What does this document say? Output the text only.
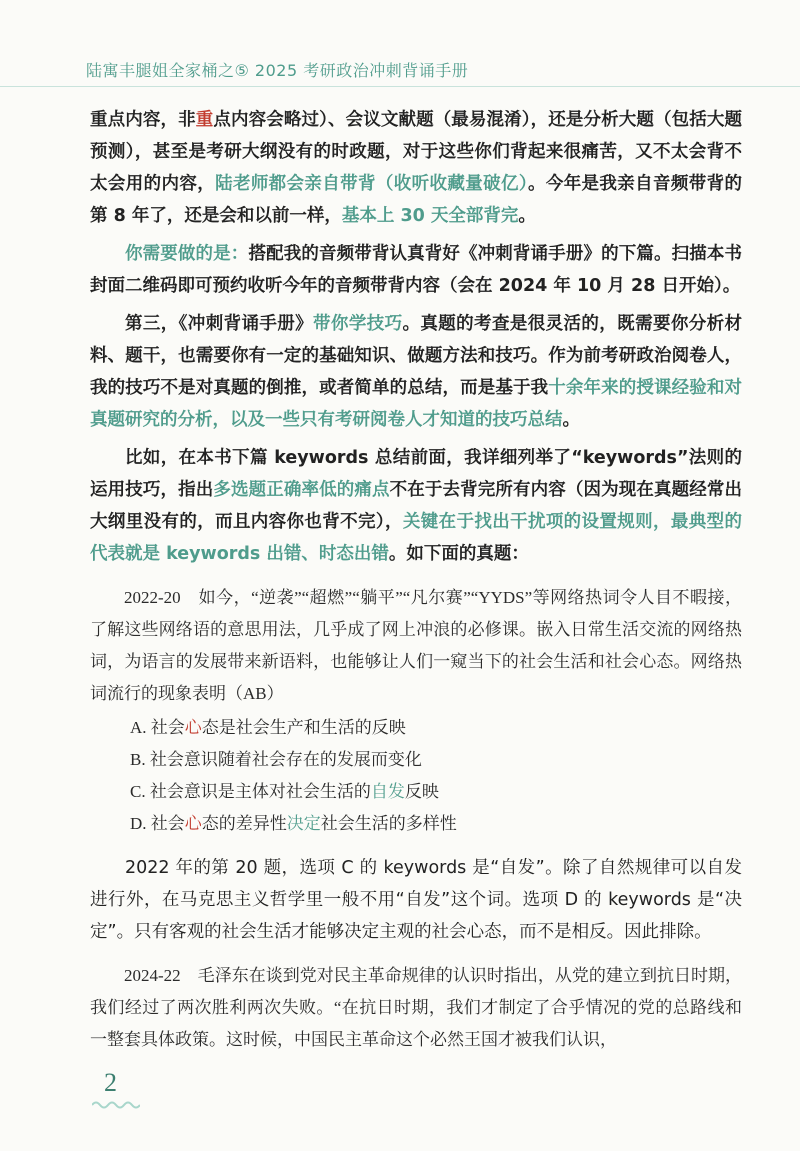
陆寓丰腿姐全家桶之⑤ 2025 考研政治冲刺背诵手册

重点内容，非重点内容会略过）、会议文献题（最易混淆），还是分析大题（包括大题预测），甚至是考研大纲没有的时政题，对于这些你们背起来很痛苦，又不太会背不太会用的内容，陆老师都会亲自带背（收听收藏量破亿）。今年是我亲自音频带背的第 8 年了，还是会和以前一样，基本上 30 天全部背完。

你需要做的是：搭配我的音频带背认真背好《冲刺背诵手册》的下篇。扫描本书封面二维码即可预约收听今年的音频带背内容（会在 2024 年 10 月 28 日开始）。

第三，《冲刺背诵手册》带你学技巧。真题的考查是很灵活的，既需要你分析材料、题干，也需要你有一定的基础知识、做题方法和技巧。作为前考研政治阅卷人，我的技巧不是对真题的倒推，或者简单的总结，而是基于我十余年来的授课经验和对真题研究的分析，以及一些只有考研阅卷人才知道的技巧总结。

比如，在本书下篇 keywords 总结前面，我详细列举了“keywords”法则的运用技巧，指出多选题正确率低的痛点不在于去背完所有内容（因为现在真题经常出大纲里没有的，而且内容你也背不完），关键在于找出干扰项的设置规则，最典型的代表就是 keywords 出错、时态出错。如下面的真题：

2022-20　如今，“逆袭”“超燃”“躺平”“凡尔赛”“YYDS”等网络热词令人目不暇接，了解这些网络语的意思用法，几乎成了网上冲浪的必修课。嵌入日常生活交流的网络热词，为语言的发展带来新语料，也能够让人们一窥当下的社会生活和社会心态。网络热词流行的现象表明（AB）
A. 社会心态是社会生产和生活的反映
B. 社会意识随着社会存在的发展而变化
C. 社会意识是主体对社会生活的自发反映
D. 社会心态的差异性决定社会生活的多样性

2022 年的第 20 题，选项 C 的 keywords 是“自发”。除了自然规律可以自发进行外，在马克思主义哲学里一般不用“自发”这个词。选项 D 的 keywords 是“决定”。只有客观的社会生活才能够决定主观的社会心态，而不是相反。因此排除。

2024-22　毛泽东在谈到党对民主革命规律的认识时指出，从党的建立到抗日时期，我们经过了两次胜利两次失败。“在抗日时期，我们才制定了合乎情况的党的总路线和一整套具体政策。这时候，中国民主革命这个必然王国才被我们认识，
2
